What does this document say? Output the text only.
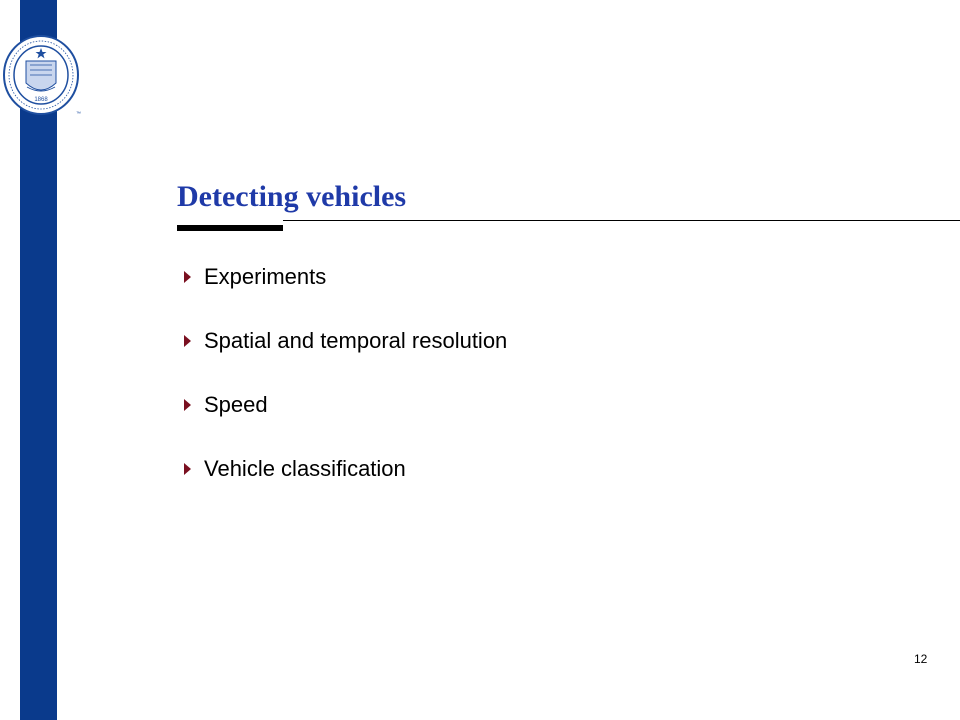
1868
™
Detecting vehicles
Experiments
Spatial and temporal resolution
Speed
Vehicle classification
12
